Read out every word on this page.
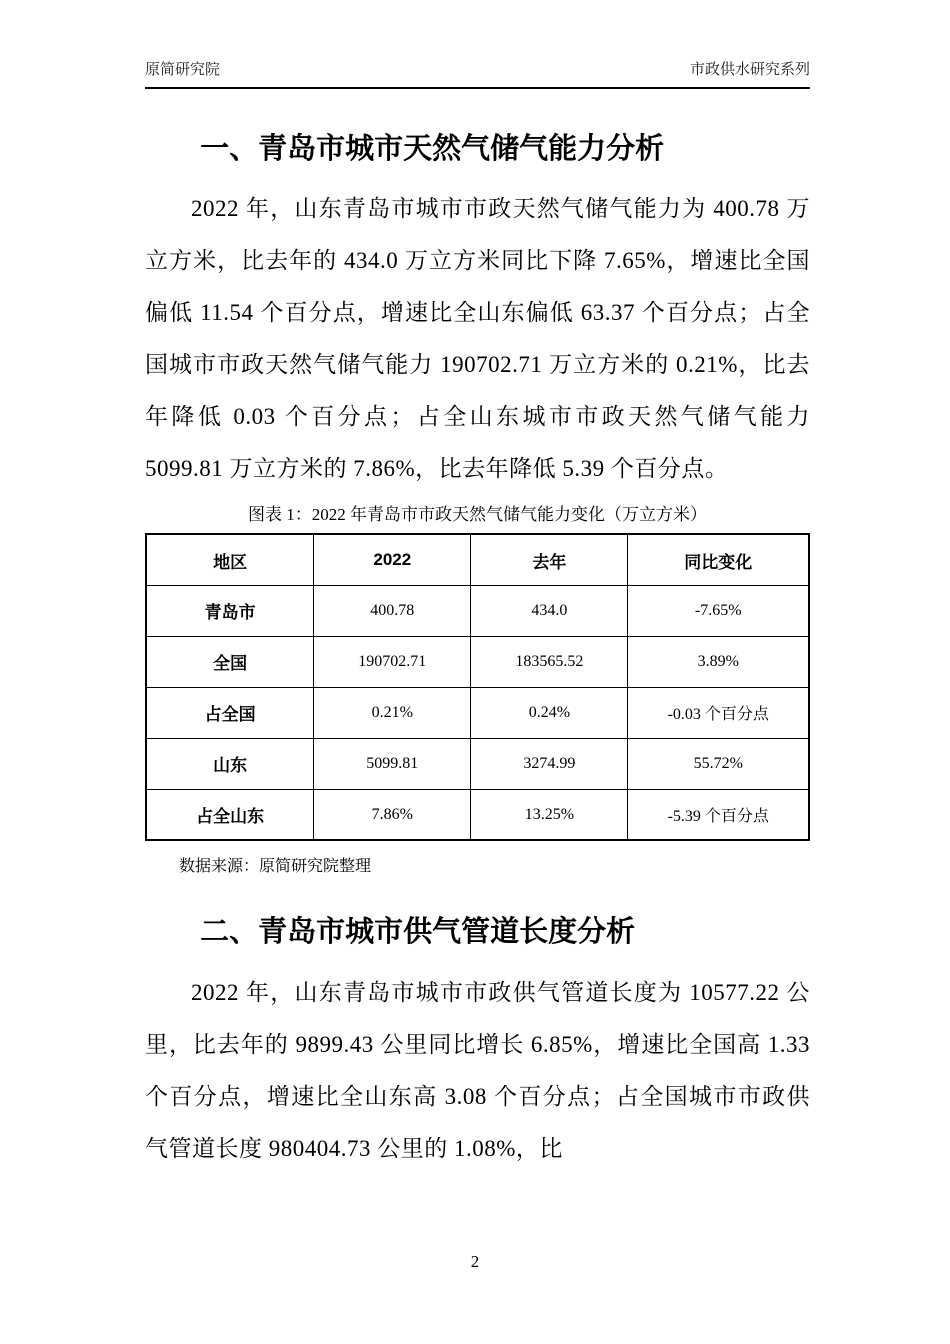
原简研究院	市政供水研究系列
一、青岛市城市天然气储气能力分析

2022 年，山东青岛市城市市政天然气储气能力为 400.78 万立方米，比去年的 434.0 万立方米同比下降 7.65%，增速比全国偏低 11.54 个百分点，增速比全山东偏低 63.37 个百分点；占全国城市市政天然气储气能力 190702.71 万立方米的 0.21%，比去年降低 0.03 个百分点；占全山东城市市政天然气储气能力 5099.81 万立方米的 7.86%，比去年降低 5.39 个百分点。

图表 1：2022 年青岛市市政天然气储气能力变化（万立方米）
地区	2022	去年	同比变化
青岛市	400.78	434.0	-7.65%
全国	190702.71	183565.52	3.89%
占全国	0.21%	0.24%	-0.03 个百分点
山东	5099.81	3274.99	55.72%
占全山东	7.86%	13.25%	-5.39 个百分点
数据来源：原简研究院整理
二、青岛市城市供气管道长度分析

2022 年，山东青岛市城市市政供气管道长度为 10577.22 公里，比去年的 9899.43 公里同比增长 6.85%，增速比全国高 1.33 个百分点，增速比全山东高 3.08 个百分点；占全国城市市政供气管道长度 980404.73 公里的 1.08%，比

2
